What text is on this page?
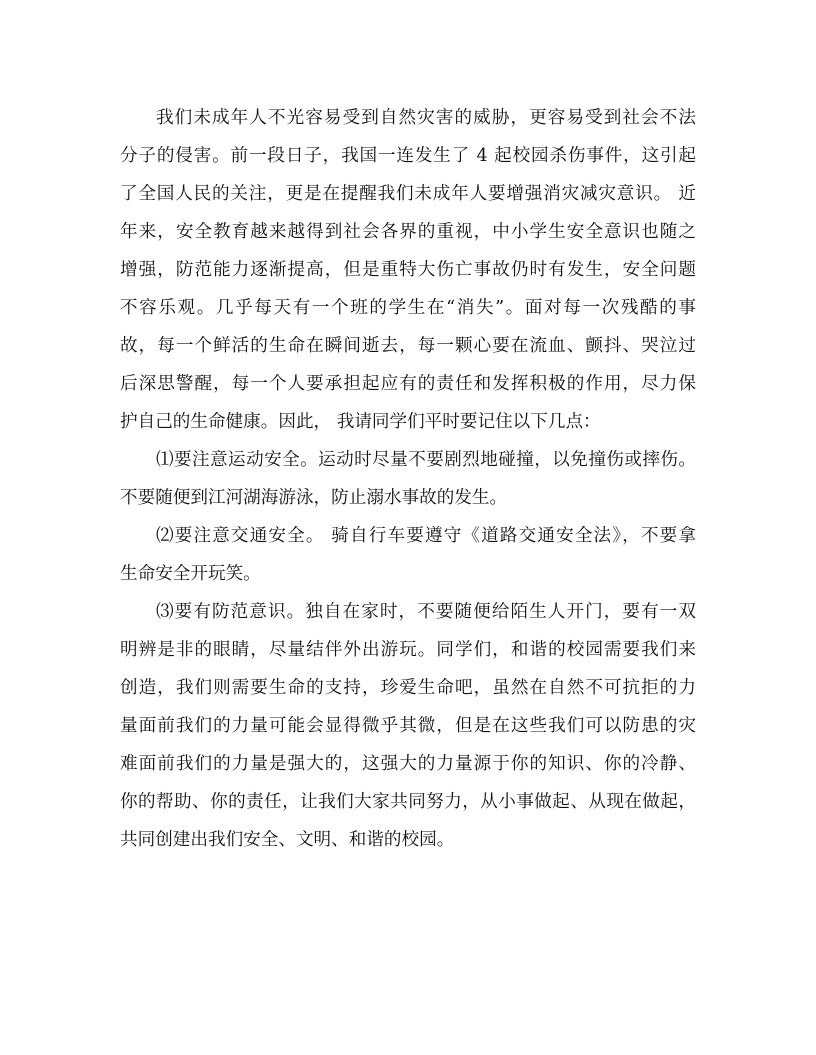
我们未成年人不光容易受到自然灾害的威胁，更容易受到社会不法
分子的侵害。前一段日子，我国一连发生了 4 起校园杀伤事件，这引起
了全国人民的关注，更是在提醒我们未成年人要增强消灾减灾意识。 近
年来，安全教育越来越得到社会各界的重视，中小学生安全意识也随之
增强，防范能力逐渐提高，但是重特大伤亡事故仍时有发生，安全问题
不容乐观。几乎每天有一个班的学生在“消失”。面对每一次残酷的事
故，每一个鲜活的生命在瞬间逝去，每一颗心要在流血、颤抖、哭泣过
后深思警醒，每一个人要承担起应有的责任和发挥积极的作用，尽力保
护自己的生命健康。因此， 我请同学们平时要记住以下几点：
⑴要注意运动安全。运动时尽量不要剧烈地碰撞，以免撞伤或摔伤。
不要随便到江河湖海游泳，防止溺水事故的发生。
⑵要注意交通安全。 骑自行车要遵守《道路交通安全法》，不要拿
生命安全开玩笑。
⑶要有防范意识。独自在家时，不要随便给陌生人开门，要有一双
明辨是非的眼睛，尽量结伴外出游玩。同学们，和谐的校园需要我们来
创造，我们则需要生命的支持，珍爱生命吧，虽然在自然不可抗拒的力
量面前我们的力量可能会显得微乎其微，但是在这些我们可以防患的灾
难面前我们的力量是强大的，这强大的力量源于你的知识、你的冷静、
你的帮助、你的责任，让我们大家共同努力，从小事做起、从现在做起，
共同创建出我们安全、文明、和谐的校园。
